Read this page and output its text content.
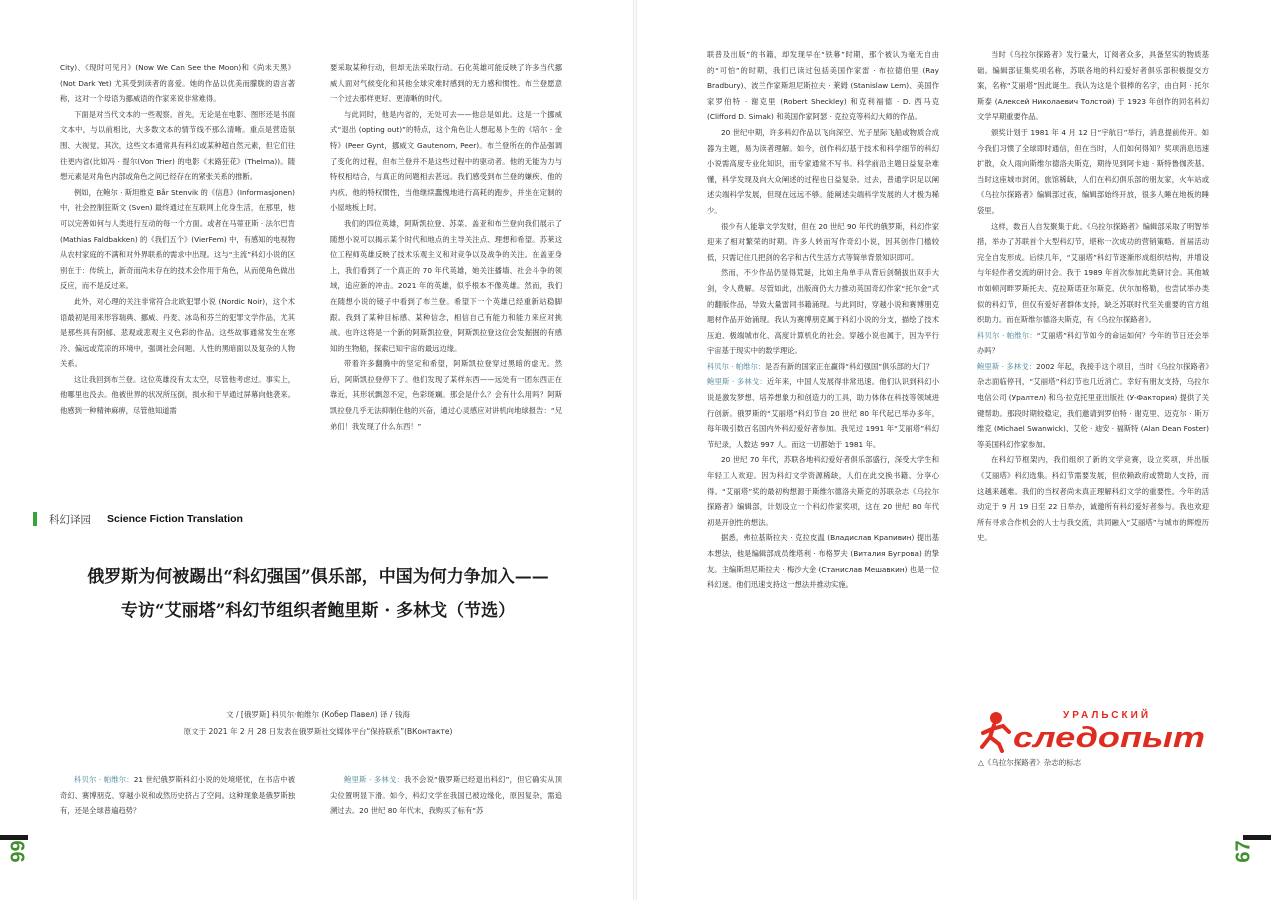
City)、《现时可见月》(Now We Can See the Moon)和《尚未天黑》(Not Dark Yet) 尤其受到读者的喜爱。她的作品以优美而朦胧的语言著称，这对一个母语为挪威语的作家来说非常难得。

下面是对当代文本的一些观察。首先，无论是在电影、图形还是书面文本中，与以前相比，大多数文本的情节线不那么清晰。重点是营造氛围、大视觉。其次，这些文本通常具有科幻或某种超自然元素，但它们往往更内省(比如冯 · 提尔(Von Trier) 的电影《末路狂花》(Thelma))。随想元素是对角色内部或角色之间已经存在的紧张关系的推断。

例如，在鲍尔 · 斯坦维克 Bår Stenvik 的《信息》(Informasjonen) 中，社会控制狂斯文 (Sven) 最终通过在互联网上化身生活，在那里，他可以完善如何与人类进行互动的每一个方面。或者在马蒂亚斯 · 法尔巴肯 (Mathias Faldbakken) 的《我们五个》(VierFem) 中，有感知的电视物从农村家庭的不满和对外界联系的需求中出现。这与“主流”科幻小说的区别在于：传统上，新奇而尚未存在的技术会作用于角色，从而使角色做出反应，而不是反过来。

此外，对心理的关注非常符合北欧犯罪小说 (Nordic Noir)，这个术语最初是用来形容瑞典、挪威、丹麦、冰岛和芬兰的犯罪文学作品，尤其是那些具有阴郁、悲观或悲观主义色彩的作品。这些故事通常发生在寒冷、偏远或荒凉的环境中，强调社会问题、人性的黑暗面以及复杂的人物关系。

这让我回到布兰登。这位英雄没有太太空，尽管他考虑过。事实上，他哪里也没去。他被世界的状况所压倒，损水和干旱通过屏幕向他袭来。他感到一种精神麻痹，尽管他知道需

要采取某种行动，但却无法采取行动。石化英雄可能反映了许多当代挪威人面对气候变化和其他全球灾难时感到的无力感和惯性。布兰登愿意一个过去那样更好、更清晰的时代。

与此同时，他是内省的，无处可去——他总是如此。这是一个挪威式“退出 (opting out)”的特点，这个角色让人想起易卜生的《培尔 · 金特》(Peer Gynt，挪威文 Gautenom, Peer)。布兰登所在的作品强调了变化的过程，但布兰登并不是这些过程中的驱动者。他的无能为力与特权相结合，与真正的问题相去甚远。我们感受到布兰登的嫌疾、他的内疚、他的特权惯性，当他继续蠢愧地进行高耗的跑步，并坐在定制的小屋地板上时。

我们的四位英雄，阿斯凯拉登、苏菜、盖亚和布兰登向我们展示了随想小说可以揭示某个时代和地点的主导关注点、理想和希望。苏莱这位工程师英雄反映了技术乐观主义和对竞争以及战争的关注。在盖亚身上，我们看到了一个真正的 70 年代英雄，她关注播墙、社会斗争的领域，追应新的冲击。2021 年的英雄，似乎根本不像英雄。然而，我们在随想小说的镜子中看到了布兰登。希望下一个英雄已经重新站稳脚跟。我到了某种目标感、某种信念，相信自己有能力和能力来应对挑战。也许这将是一个新的阿斯凯拉登，阿斯凯拉登这位会发掘掘的有感知的生物船，探索已知宇宙的最远边缘。

带着许多翻腾中的坚定和希望，阿斯凯拉登穿过黑暗的虚无。然后，阿斯凯拉登停下了。他们发现了某样东西——远处有一团东西正在靠近，其形状飘忽不定，色彩斑斓。那会是什么？会有什么用吗？阿斯凯拉登几乎无法抑制住他的兴奋，通过心灵感应对讲机向地球报告：“兄弟们！我发现了什么东西！”

科幻译园 Science Fiction Translation
俄罗斯为何被踢出“科幻强国”俱乐部，中国为何力争加入——
专访“艾丽塔”科幻节组织者鲍里斯 · 多林戈（节选）
文 / [俄罗斯] 科贝尔·帕维尔 (Кобер Павел) 译 / 钱海
原文于 2021 年 2 月 28 日发表在俄罗斯社交媒体平台“保持联系”(ВКонтакте)

科贝尔 · 帕维尔：21 世纪俄罗斯科幻小说的处境堪忧，在书店中被奇幻、赛博朋克、穿越小说和或然历史挤占了空间。这种现象是俄罗斯独有，还是全球普遍趋势？

鲍里斯 · 多林戈：我不会说“俄罗斯已经退出科幻”，但它确实从顶尖位置明显下滑。如今，科幻文学在我国已被边缘化，原因复杂，需追溯过去。20 世纪 80 年代末，我购买了标有“苏

66

联普及出版”的书籍，却发现早在“铁幕”时期，那个被认为毫无自由的“可怕”的时期，我们已读过包括美国作家雷 · 布拉德伯里 (Ray Bradbury)、波兰作家斯坦尼斯拉夫 · 莱姆 (Stanislaw Lem)、美国作家罗伯特 · 谢克里 (Robert Sheckley) 和克利福德 · D. 西马克 (Clifford D. Simak) 和英国作家阿瑟 · 克拉克等科幻大师的作品。

20 世纪中期，许多科幻作品以飞向深空、光子星际飞船或物质合成器为主题，易为读者理解。如今，创作科幻基于技术和科学细节的科幻小说需高度专业化知识，而专家通常不写书。科学前沿主题日益复杂难懂，科学发现及向大众阐述的过程也日益复杂。过去，普通学识足以阐述尖端科学发展，但现在远远不够。能阐述尖端科学发展的人才极为稀少。

很少有人能靠文学发财，但在 20 世纪 90 年代的俄罗斯，科幻作家迎来了相对繁荣的时期。许多人转而写作奇幻小说，因其创作门槛较低，只需记住几把剑的名字和古代生活方式等简单背景知识即可。

然而，不少作品仍显得荒诞，比如主角单手从背后剑鞘拔出双手大剑，令人费解。尽管如此，出版商仍大力推动英国奇幻作家“托尔金”式的翻版作品，导致大量雷同书籍涌现。与此同时，穿越小说和赛博朋克题材作品开始涌现。我认为赛博朋克属于科幻小说的分支，描绘了技术压迫、极端城市化、高度计算机化的社会。穿越小说也属于，因为平行宇宙基于现实中的数学理论。

科贝尔 · 帕维尔：是否有新的国家正在赢得“科幻强国”俱乐部的大门？

鲍里斯 · 多林戈：近年来，中国人发展得非常迅速。他们认识到科幻小说是激发梦想、培养想象力和创造力的工具，助力体体在科技等领域进行创新。俄罗斯的“艾丽塔”科幻节自 20 世纪 80 年代起已举办多年，每年吸引数百名国内外科幻爱好者参加。我见过 1991 年“艾丽塔”科幻节纪录，人数达 997 人。而这一切都始于 1981 年。

20 世纪 70 年代，苏联各地科幻爱好者俱乐部盛行，深受大学生和年轻工人欢迎。因为科幻文学资源稀缺，人们在此交换书籍、分享心得。“艾丽塔”奖的最初构想源于斯维尔德洛夫斯克的苏联杂志《乌拉尔探路者》编辑部，计划设立一个科幻作家奖项，这在 20 世纪 80 年代初是开创性的想法。

据悉，弗拉基斯拉夫 · 克拉皮温 (Владислав Крапивин) 提出基本想法，他是编辑部成员维塔利 · 布格罗夫 (Виталия Бугрова) 的挚友。主编斯坦尼斯拉夫 · 梅沙大金 (Станислав Мешавкин) 也是一位科幻迷。他们迅速支持这一想法并推动实施。

当时《乌拉尔探路者》发行量大，订阅者众多，具备坚实的物质基础。编辑部征集奖项名称，苏联各地的科幻爱好者俱乐部积极提交方案，名称“艾丽塔”因此诞生。我认为这是个很棒的名字，由白阿 · 托尔斯泰 (Алексей Николаевич Толстой) 于 1923 年创作的同名科幻文学早期重要作品。

颁奖计划于 1981 年 4 月 12 日“宇航日”举行，消息提前传开。如今我们习惯了全球即时通信，但在当时，人们如何得知？奖项消息迅速扩散，众人雨向斯维尔德洛夫斯克，期待见到阿卡迪 · 斯特鲁伽茨基。当时这座城市封闭，旅馆稀缺，人们在科幻俱乐部的朋友家，火车站或《乌拉尔探路者》编辑部过夜，编辑部始终开放，很多人睡在地板的睡袋里。

这样，数百人自发聚集于此。《乌拉尔探路者》编辑部采取了明智举措，举办了苏联首个大型科幻节，堪称一次成功的营销策略。首届活动完全自发形成。后续几年，“艾丽塔”科幻节逐渐形成组织结构，并增设与年轻作者交流的研讨会。我于 1989 年首次参加此类研讨会。其他城市如顿河畔罗斯托夫、克拉斯诺亚尔斯克、伏尔加格勒，也尝试举办类似的科幻节，但仅有爱好者群体支持，缺乏苏联时代至关重要的官方组织助力。而在斯维尔德洛夫斯克，有《乌拉尔探路者》。

科贝尔 · 帕维尔：“艾丽塔”科幻节如今的命运如何？今年的节日还会举办吗？

鲍里斯 · 多林戈：2002 年起，我接手这个项目，当时《乌拉尔探路者》杂志面临停刊，“艾丽塔”科幻节也几近消亡。幸好有朋友支持，乌拉尔电信公司 (Уралтел) 和乌·拉克托里亚出版社 (У-Фактория) 提供了关键帮助。那段时期较稳定，我们邀请到罗伯特 · 谢克里、迈克尔 · 斯万维克 (Michael Swanwick)、艾伦 · 迪安 · 福斯特 (Alan Dean Foster) 等美国科幻作家参加。

在科幻节框架内，我们组织了新的文学竞赛，设立奖项，并出版《艾丽塔》科幻选集。科幻节需要发展，但依赖政府或赞助人支持，而这越来越难。我们的当权者尚未真正理解科幻文学的重要性。今年的活动定于 9 月 19 日至 22 日举办，诚邀所有科幻爱好者参与。我也欢迎所有寻求合作机会的人士与我交流，共同融入“艾丽塔”与城市的辉煌历史。

УРАЛЬСКИЙ
следопыт
△《乌拉尔探路者》杂志的标志
67
